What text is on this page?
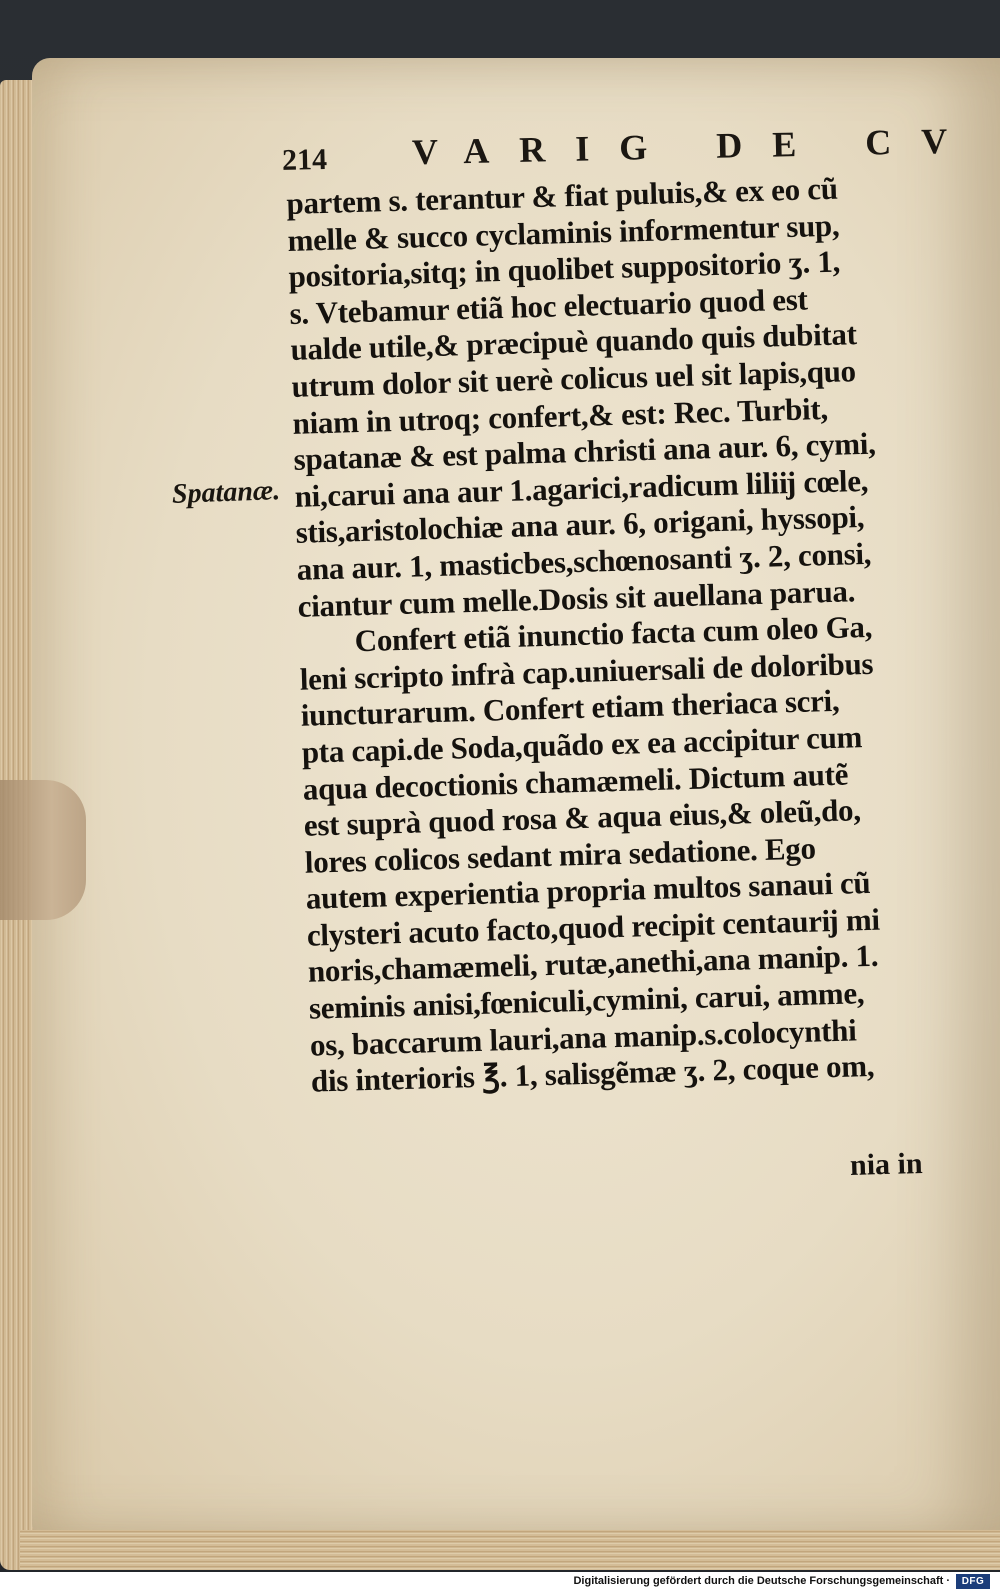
214 VARIG DE CV
Spatanæ.
partem s. terantur & fiat puluis,& ex eo cũ
melle & succo cyclaminis informentur sup,
positoria,sitq; in quolibet suppositorio ʒ. 1,
s. Vtebamur etiã hoc electuario quod est
ualde utile,& præcipuè quando quis dubitat
utrum dolor sit uerè colicus uel sit lapis,quo
niam in utroq; confert,& est: Rec. Turbit,
spatanæ & est palma christi ana aur. 6, cymi,
ni,carui ana aur 1.agarici,radicum liliĳ cœle,
stis,aristolochiæ ana aur. 6, origani, hyssopi,
ana aur. 1, masticbes,schœnosanti ʒ. 2, consi,
ciantur cum melle.Dosis sit auellana parua.
Confert etiã inunctio facta cum oleo Ga,
leni scripto infrà cap.uniuersali de doloribus
iuncturarum. Confert etiam theriaca scri,
pta capi.de Soda,quãdo ex ea accipitur cum
aqua decoctionis chamæmeli. Dictum autẽ
est suprà quod rosa & aqua eius,& oleũ,do,
lores colicos sedant mira sedatione. Ego
autem experientia propria multos sanaui cũ
clysteri acuto facto,quod recipit centaurĳ mi
noris,chamæmeli, rutæ,anethi,ana manip. 1.
seminis anisi,fœniculi,cymini, carui, amme,
os, baccarum lauri,ana manip.s.colocynthi
dis interioris ℥. 1, salisgẽmæ ʒ. 2, coque om,
nia in
Digitalisierung gefördert durch die Deutsche Forschungsgemeinschaft ·	DFG
